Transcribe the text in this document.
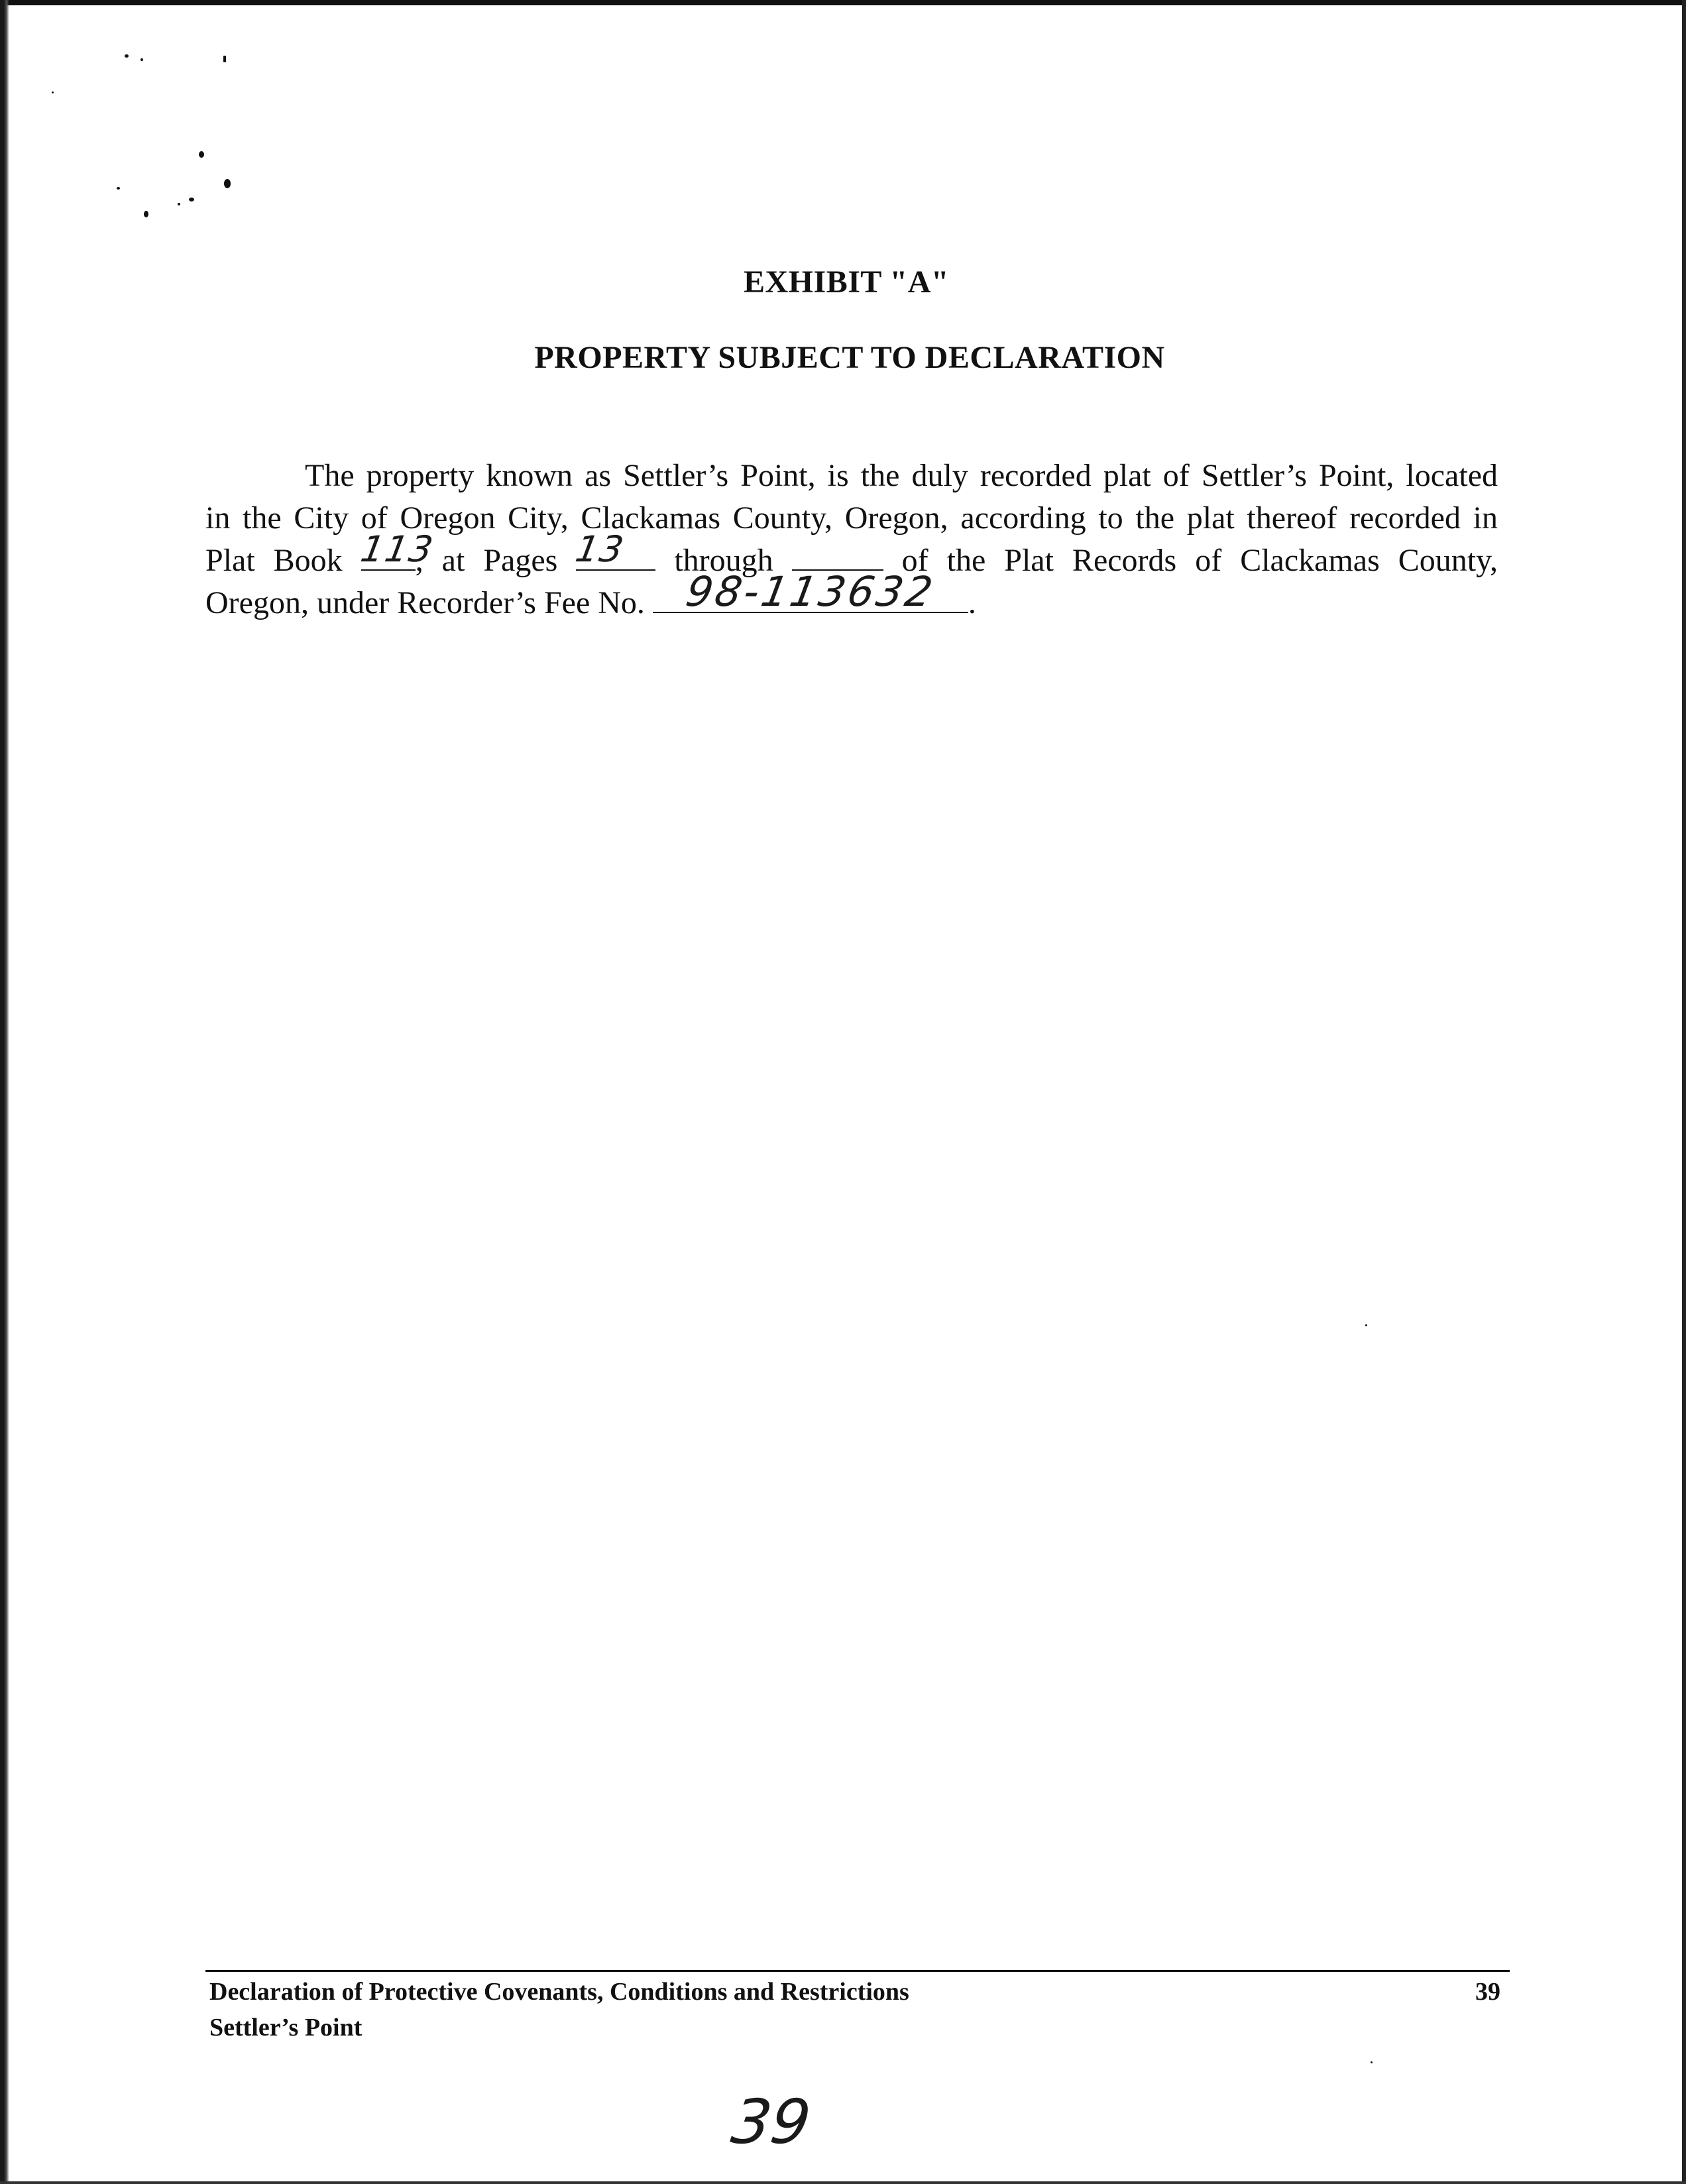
EXHIBIT "A"
PROPERTY SUBJECT TO DECLARATION
The property known as Settler’s Point, is the duly recorded plat of Settler’s Point, located
in the City of Oregon City, Clackamas County, Oregon, according to the plat thereof recorded in
Plat Book 113
, at Pages 13	through	of the Plat Records of Clackamas County,
Oregon, under Recorder’s Fee No. 98-113632 .

Declaration of Protective Covenants, Conditions and Restrictions

Settler’s Point

39

39
